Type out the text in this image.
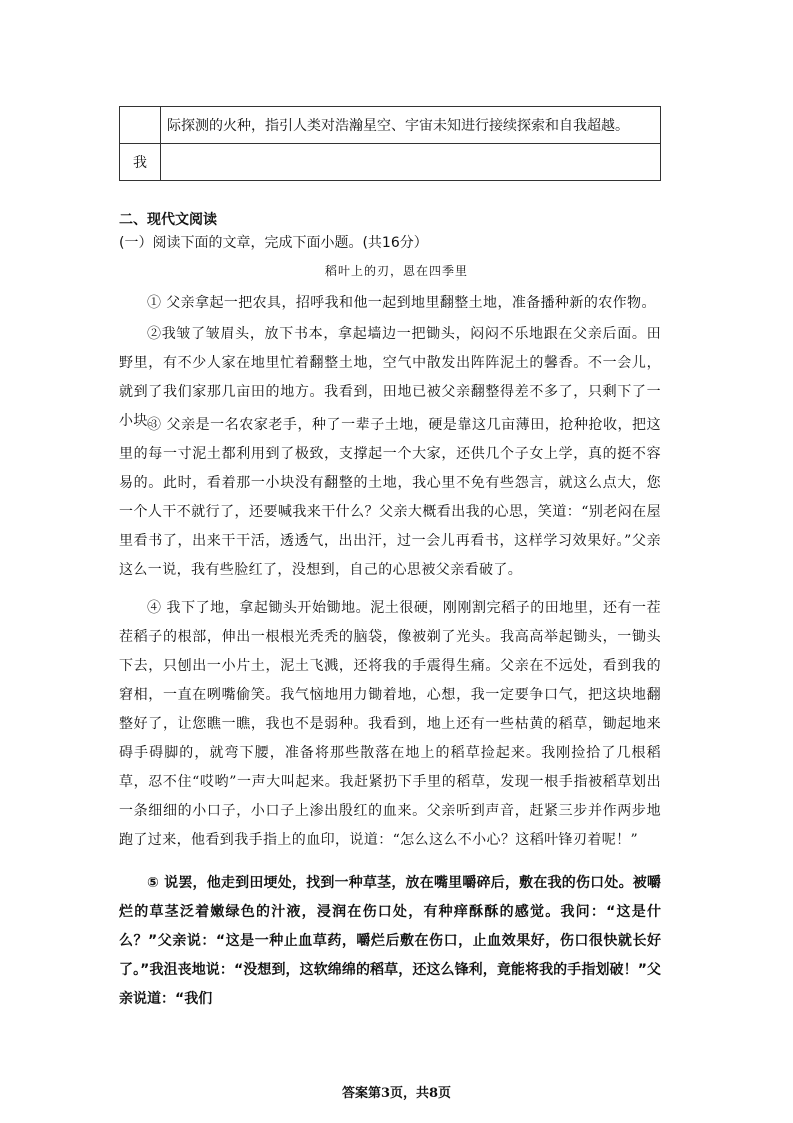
	际探测的火种，指引人类对浩瀚星空、宇宙未知进行接续探索和自我超越。
我	
二、现代文阅读
(一）阅读下面的文章，完成下面小题。(共16分）
稻叶上的刃，恩在四季里

① 父亲拿起一把农具，招呼我和他一起到地里翻整土地，准备播种新的农作物。

②我皱了皱眉头，放下书本，拿起墙边一把锄头，闷闷不乐地跟在父亲后面。田野里，有不少人家在地里忙着翻整土地，空气中散发出阵阵泥土的馨香。不一会儿，就到了我们家那几亩田的地方。我看到，田地已被父亲翻整得差不多了，只剩下了一小块。

③ 父亲是一名农家老手，种了一辈子土地，硬是靠这几亩薄田，抢种抢收，把这里的每一寸泥土都利用到了极致，支撑起一个大家，还供几个子女上学，真的挺不容易的。此时，看着那一小块没有翻整的土地，我心里不免有些怨言，就这么点大，您一个人干不就行了，还要喊我来干什么？父亲大概看出我的心思，笑道：“别老闷在屋里看书了，出来干干活，透透气，出出汗，过一会儿再看书，这样学习效果好。”父亲这么一说，我有些脸红了，没想到，自己的心思被父亲看破了。

④ 我下了地，拿起锄头开始锄地。泥土很硬，刚刚割完稻子的田地里，还有一茬茬稻子的根部，伸出一根根光秃秃的脑袋，像被剃了光头。我高高举起锄头，一锄头下去，只刨出一小片土，泥土飞溅，还将我的手震得生痛。父亲在不远处，看到我的窘相，一直在咧嘴偷笑。我气恼地用力锄着地，心想，我一定要争口气，把这块地翻整好了，让您瞧一瞧，我也不是弱种。我看到，地上还有一些枯黄的稻草，锄起地来碍手碍脚的，就弯下腰，准备将那些散落在地上的稻草捡起来。我刚捡拾了几根稻草，忍不住“哎哟”一声大叫起来。我赶紧扔下手里的稻草，发现一根手指被稻草划出一条细细的小口子，小口子上渗出殷红的血来。父亲听到声音，赶紧三步并作两步地跑了过来，他看到我手指上的血印，说道：“怎么这么不小心？这稻叶锋刃着呢！”

⑤ 说罢，他走到田埂处，找到一种草茎，放在嘴里嚼碎后，敷在我的伤口处。被嚼烂的草茎泛着嫩绿色的汁液，浸润在伤口处，有种痒酥酥的感觉。我问：“这是什么？”父亲说：“这是一种止血草药，嚼烂后敷在伤口，止血效果好，伤口很快就长好了。”我沮丧地说：“没想到，这软绵绵的稻草，还这么锋利，竟能将我的手指划破！”父亲说道：“我们

答案第3页，共8页
